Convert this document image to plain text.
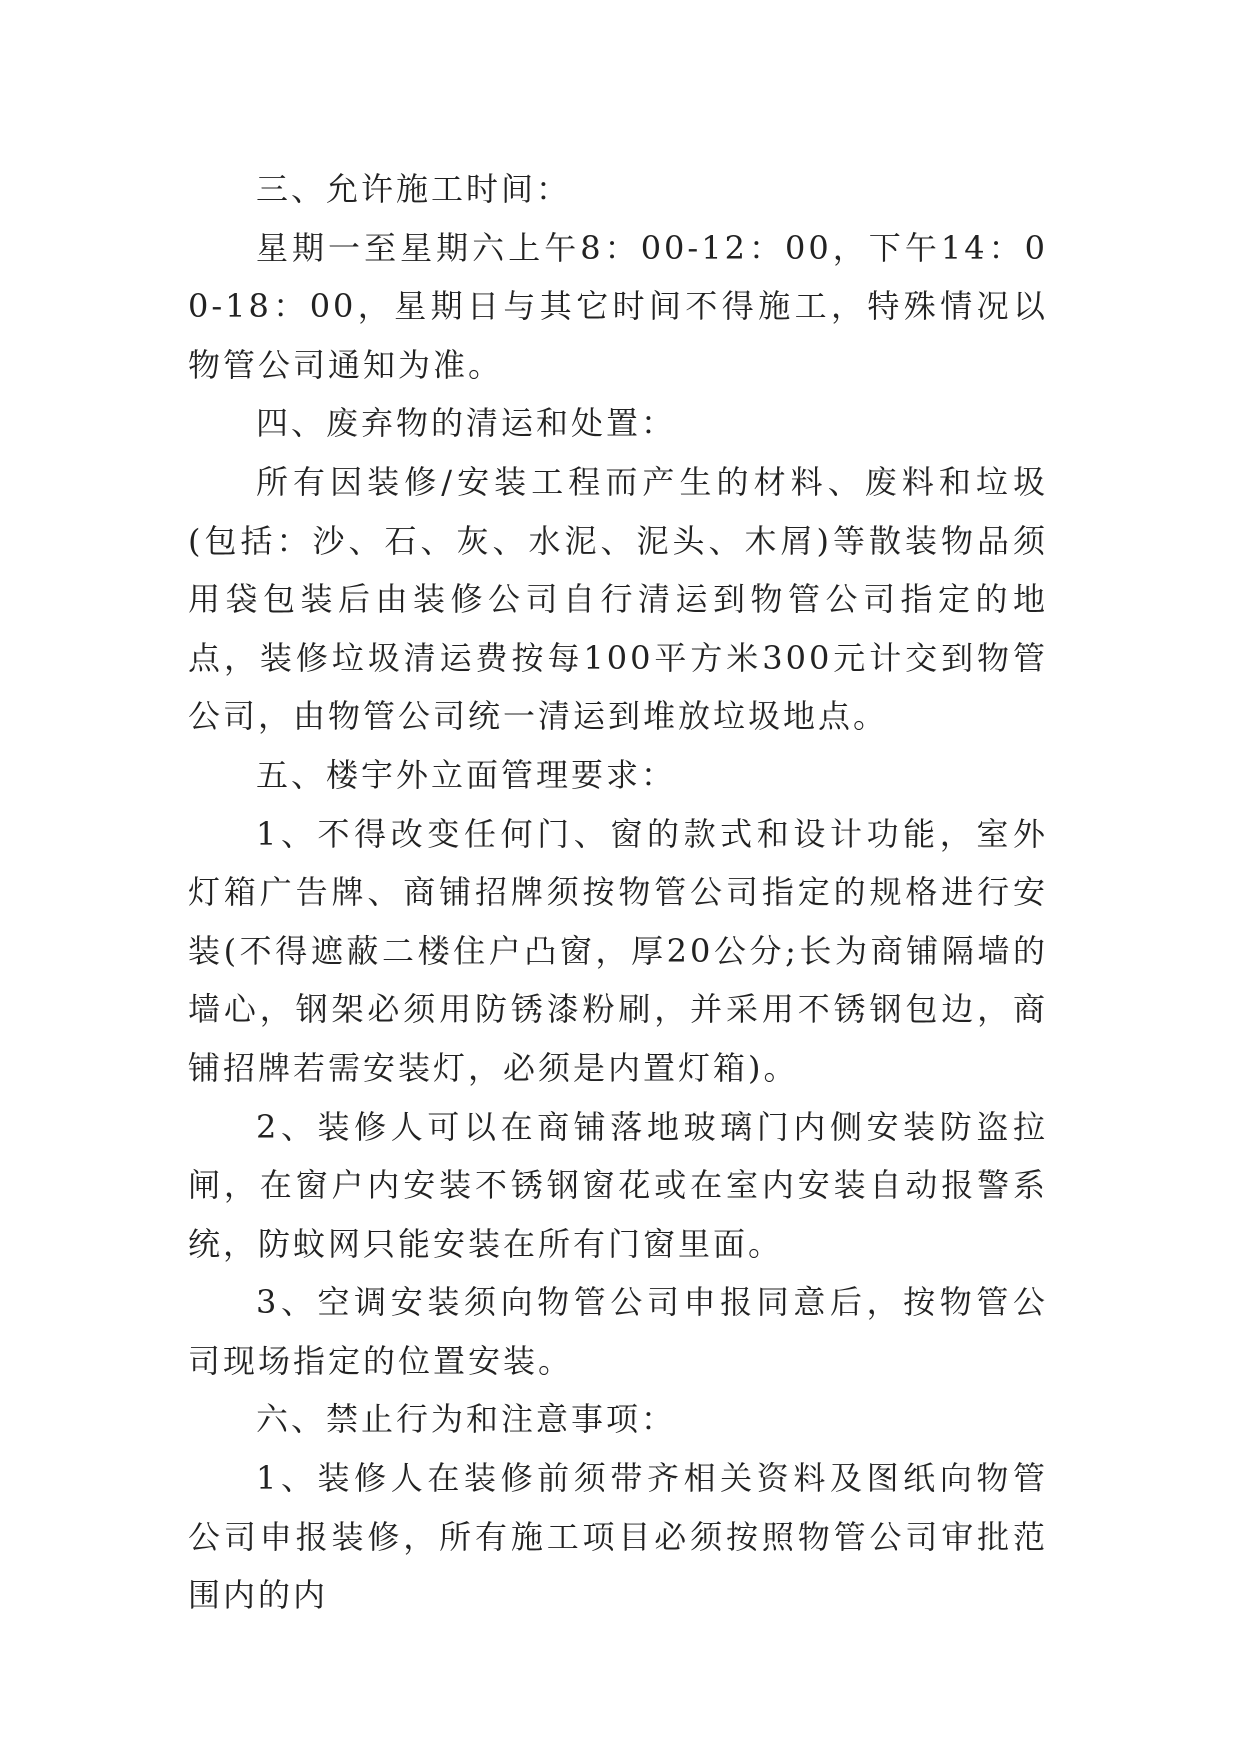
三、允许施工时间：

星期一至星期六上午8：00-12：00，下午14：00-18：00，星期日与其它时间不得施工，特殊情况以物管公司通知为准。

四、废弃物的清运和处置：

所有因装修/安装工程而产生的材料、废料和垃圾(包括：沙、石、灰、水泥、泥头、木屑)等散装物品须用袋包装后由装修公司自行清运到物管公司指定的地点，装修垃圾清运费按每100平方米300元计交到物管公司，由物管公司统一清运到堆放垃圾地点。

五、楼宇外立面管理要求：

1、不得改变任何门、窗的款式和设计功能，室外灯箱广告牌、商铺招牌须按物管公司指定的规格进行安装(不得遮蔽二楼住户凸窗，厚20公分;长为商铺隔墙的墙心，钢架必须用防锈漆粉刷，并采用不锈钢包边，商铺招牌若需安装灯，必须是内置灯箱)。

2、装修人可以在商铺落地玻璃门内侧安装防盗拉闸，在窗户内安装不锈钢窗花或在室内安装自动报警系统，防蚊网只能安装在所有门窗里面。

3、空调安装须向物管公司申报同意后，按物管公司现场指定的位置安装。

六、禁止行为和注意事项：

1、装修人在装修前须带齐相关资料及图纸向物管公司申报装修，所有施工项目必须按照物管公司审批范围内的内
